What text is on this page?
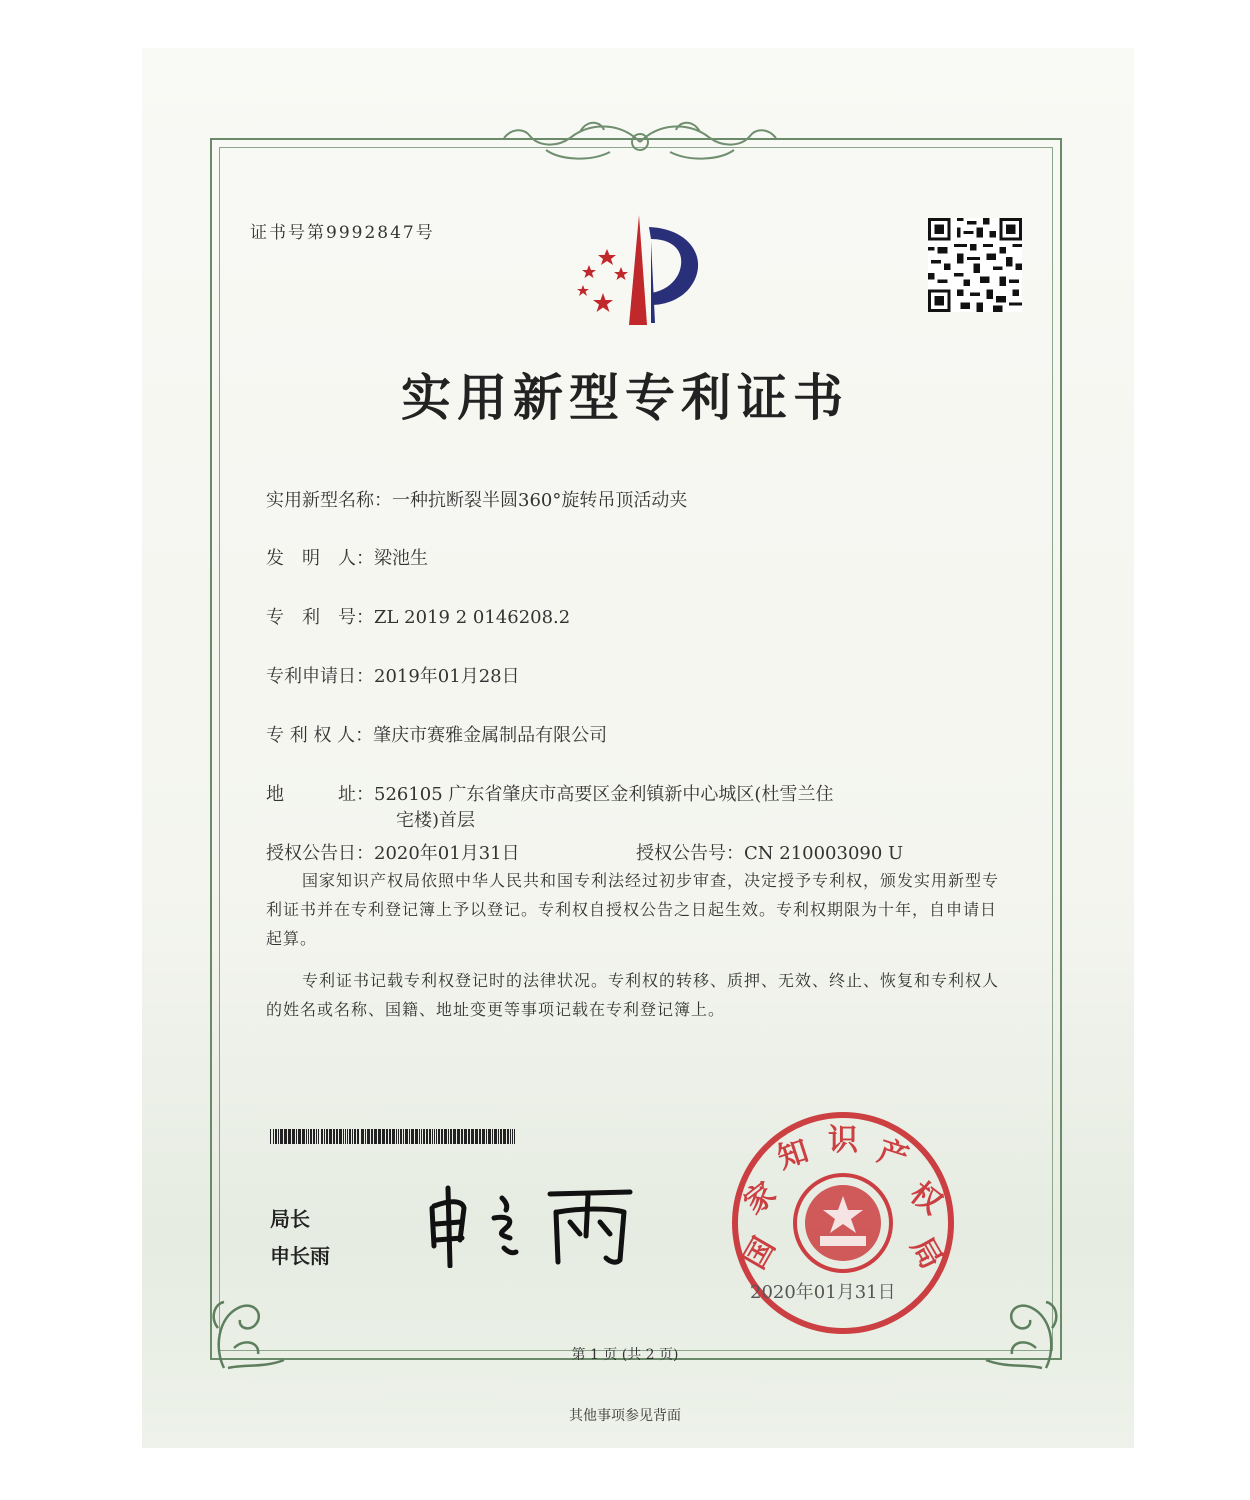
证书号第9992847号
实用新型专利证书
实用新型名称：一种抗断裂半圆360°旋转吊顶活动夹
发　明　人：梁池生
专　利　号：ZL 2019 2 0146208.2
专利申请日：2019年01月28日
专 利 权 人：肇庆市赛雅金属制品有限公司
地　　　址：526105 广东省肇庆市高要区金利镇新中心城区(杜雪兰住
宅楼)首层
授权公告日：2020年01月31日	授权公告号：CN 210003090 U

国家知识产权局依照中华人民共和国专利法经过初步审查，决定授予专利权，颁发实用新型专利证书并在专利登记簿上予以登记。专利权自授权公告之日起生效。专利权期限为十年，自申请日起算。

专利证书记载专利权登记时的法律状况。专利权的转移、质押、无效、终止、恢复和专利权人的姓名或名称、国籍、地址变更等事项记载在专利登记簿上。

局长
申长雨	国
家
知 识 产
权
局
2020年01月31日
第 1 页 (共 2 页)
其他事项参见背面
